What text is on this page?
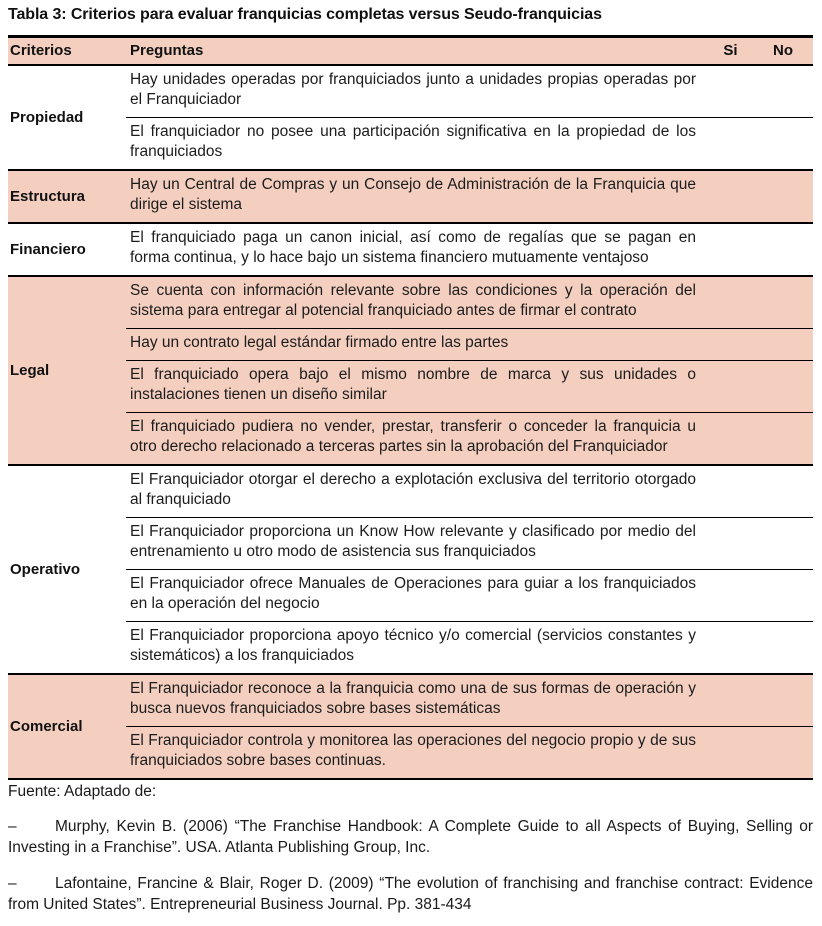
Tabla 3: Criterios para evaluar franquicias completas versus Seudo-franquicias
Criterios	Preguntas	Si	No
Propiedad	Hay unidades operadas por franquiciados junto a unidades propias operadas por el Franquiciador		
	El franquiciador no posee una participación significativa en la propiedad de los franquiciados		
Estructura	Hay un Central de Compras y un Consejo de Administración de la Franquicia que dirige el sistema		
Financiero	El franquiciado paga un canon inicial, así como de regalías que se pagan en forma continua, y lo hace bajo un sistema financiero mutuamente ventajoso		
Legal	Se cuenta con información relevante sobre las condiciones y la operación del sistema para entregar al potencial franquiciado antes de firmar el contrato		
	Hay un contrato legal estándar firmado entre las partes		
	El franquiciado opera bajo el mismo nombre de marca y sus unidades o instalaciones tienen un diseño similar		
	El franquiciado pudiera no vender, prestar, transferir o conceder la franquicia u otro derecho relacionado a terceras partes sin la aprobación del Franquiciador		
Operativo	El Franquiciador otorgar el derecho a explotación exclusiva del territorio otorgado al franquiciado		
	El Franquiciador proporciona un Know How relevante y clasificado por medio del entrenamiento u otro modo de asistencia sus franquiciados		
	El Franquiciador ofrece Manuales de Operaciones para guiar a los franquiciados en la operación del negocio		
	El Franquiciador proporciona apoyo técnico y/o comercial (servicios constantes y sistemáticos) a los franquiciados		
Comercial	El Franquiciador reconoce a la franquicia como una de sus formas de operación y busca nuevos franquiciados sobre bases sistemáticas		
	El Franquiciador controla y monitorea las operaciones del negocio propio y de sus franquiciados sobre bases continuas.		

Fuente: Adaptado de:

– Murphy, Kevin B. (2006) “The Franchise Handbook: A Complete Guide to all Aspects of Buying, Selling or Investing in a Franchise”. USA. Atlanta Publishing Group, Inc.

– Lafontaine, Francine & Blair, Roger D. (2009) “The evolution of franchising and franchise contract: Evidence from United States”. Entrepreneurial Business Journal. Pp. 381-434
